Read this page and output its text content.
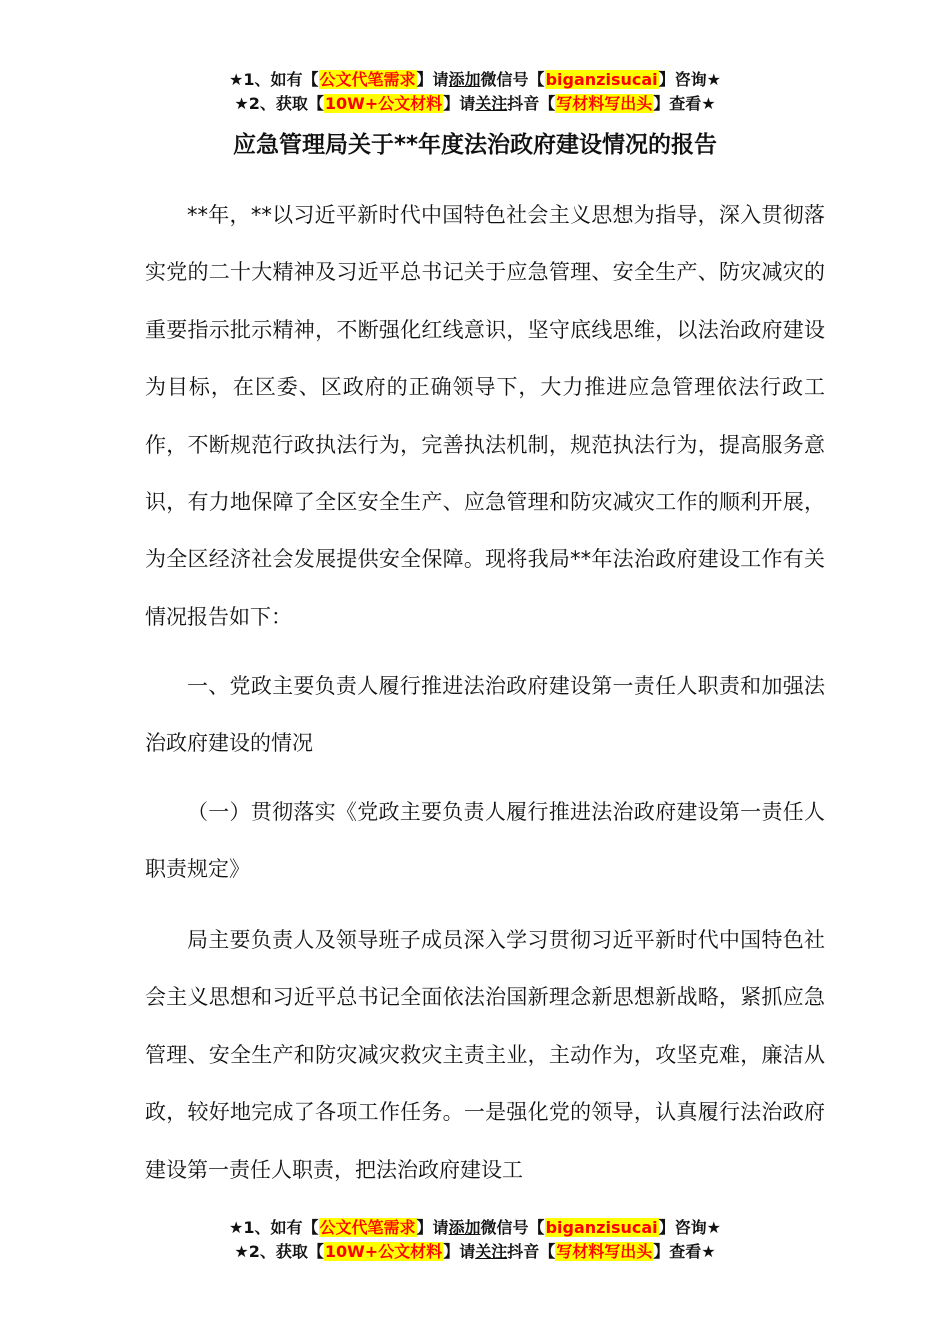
★1、如有【公文代笔需求】请添加微信号【biganzisucai】咨询★
★2、获取【10W+公文材料】请关注抖音【写材料写出头】查看★
应急管理局关于**年度法治政府建设情况的报告

**年，**以习近平新时代中国特色社会主义思想为指导，深入贯彻落实党的二十大精神及习近平总书记关于应急管理、安全生产、防灾减灾的重要指示批示精神，不断强化红线意识，坚守底线思维，以法治政府建设为目标，在区委、区政府的正确领导下，大力推进应急管理依法行政工作，不断规范行政执法行为，完善执法机制，规范执法行为，提高服务意识，有力地保障了全区安全生产、应急管理和防灾减灾工作的顺利开展，为全区经济社会发展提供安全保障。现将我局**年法治政府建设工作有关情况报告如下：

一、党政主要负责人履行推进法治政府建设第一责任人职责和加强法治政府建设的情况

（一）贯彻落实《党政主要负责人履行推进法治政府建设第一责任人职责规定》

局主要负责人及领导班子成员深入学习贯彻习近平新时代中国特色社会主义思想和习近平总书记全面依法治国新理念新思想新战略，紧抓应急管理、安全生产和防灾减灾救灾主责主业，主动作为，攻坚克难，廉洁从政，较好地完成了各项工作任务。一是强化党的领导，认真履行法治政府建设第一责任人职责，把法治政府建设工

★1、如有【公文代笔需求】请添加微信号【biganzisucai】咨询★
★2、获取【10W+公文材料】请关注抖音【写材料写出头】查看★
